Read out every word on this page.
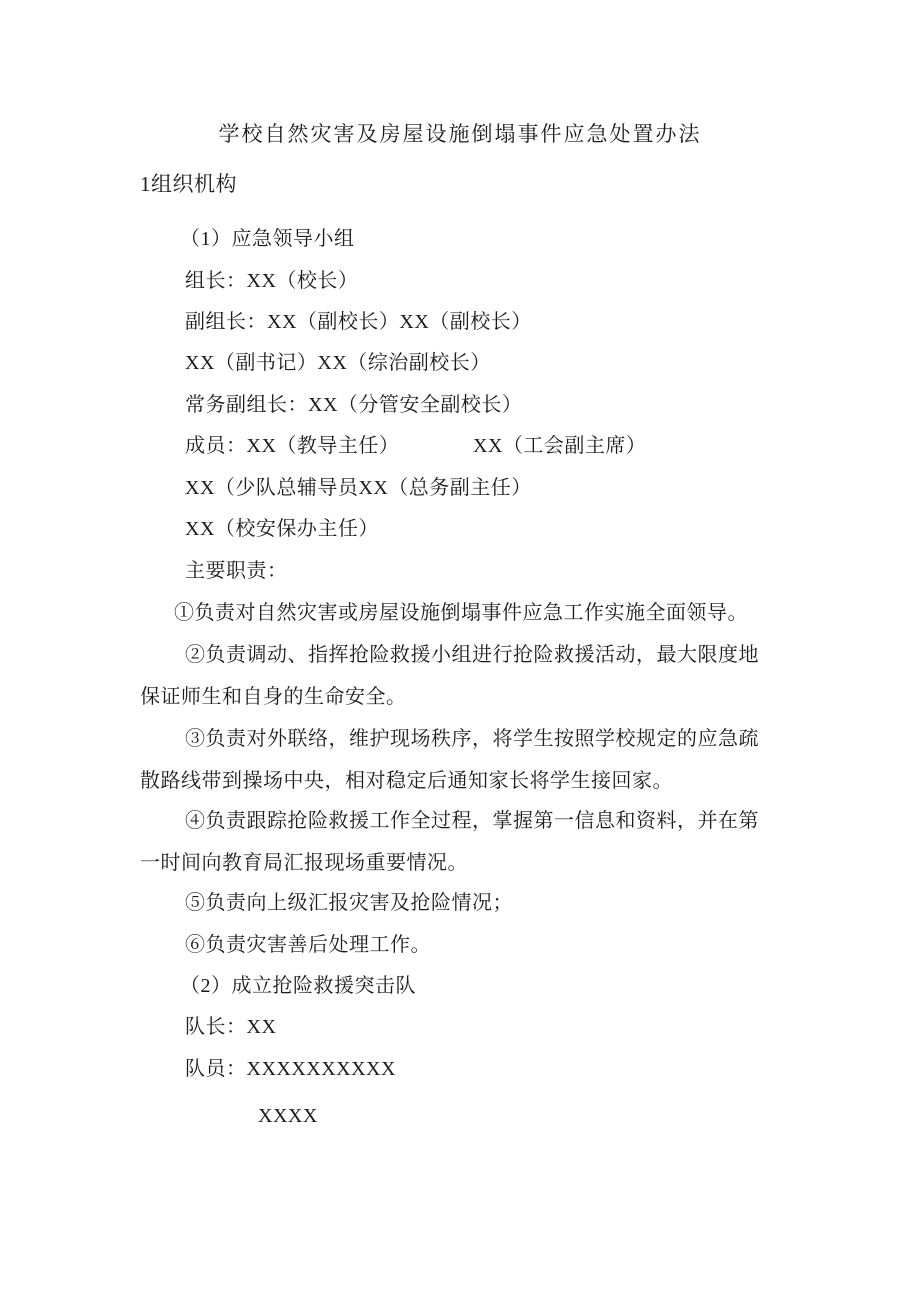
学校自然灾害及房屋设施倒塌事件应急处置办法
1组织机构
（1）应急领导小组
组长：XX（校长）
副组长：XX（副校长）XX（副校长）
XX（副书记）XX（综治副校长）
常务副组长：XX（分管安全副校长）
成员：XX（教导主任）	XX（工会副主席）
XX（少队总辅导员XX（总务副主任）
XX（校安保办主任）
主要职责：
①负责对自然灾害或房屋设施倒塌事件应急工作实施全面领导。
②负责调动、指挥抢险救援小组进行抢险救援活动，最大限度地
保证师生和自身的生命安全。
③负责对外联络，维护现场秩序，将学生按照学校规定的应急疏
散路线带到操场中央，相对稳定后通知家长将学生接回家。
④负责跟踪抢险救援工作全过程，掌握第一信息和资料，并在第
一时间向教育局汇报现场重要情况。
⑤负责向上级汇报灾害及抢险情况；
⑥负责灾害善后处理工作。
（2）成立抢险救援突击队
队长：XX
队员：XXXXXXXXXX
XXXX
